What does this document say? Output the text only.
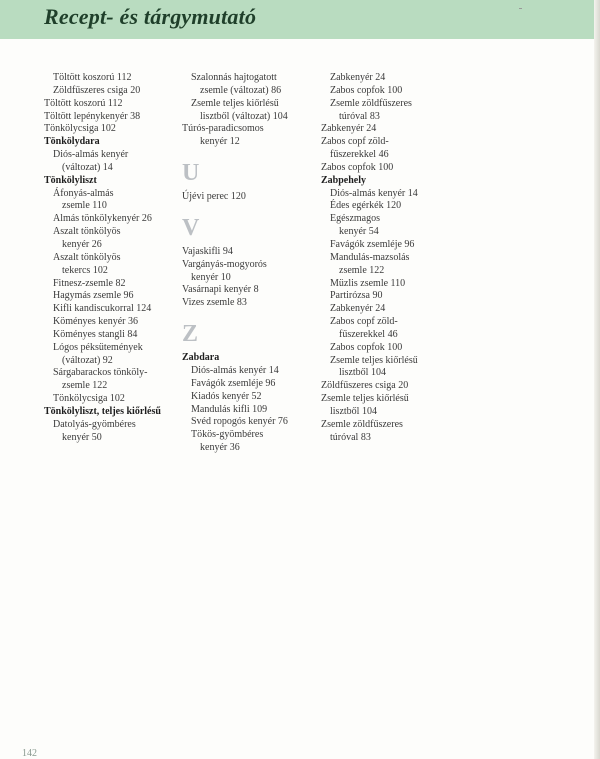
Recept- és tárgymutató
Töltött koszorú 112
Zöldfűszeres csiga 20
Töltött koszorú 112
Töltött lepénykenyér 38
Tönkölycsiga 102
Tönkölydara
Diós-almás kenyér
(változat) 14
Tönkölyliszt
Áfonyás-almás
zsemle 110
Almás tönkölykenyér 26
Aszalt tönkölyös
kenyér 26
Aszalt tönkölyös
tekercs 102
Fitnesz-zsemle 82
Hagymás zsemle 96
Kifli kandiscukorral 124
Köményes kenyér 36
Köményes stangli 84
Lógos péksütemények
(változat) 92
Sárgabarackos tönköly-
zsemle 122
Tönkölycsiga 102
Tönkölyliszt, teljes kiőrlésű
Datolyás-gyömbéres
kenyér 50
Szalonnás hajtogatott
zsemle (változat) 86
Zsemle teljes kiőrlésű
lisztből (változat) 104
Túrós-paradicsomos
kenyér 12
U
Újévi perec 120
V
Vajaskifli 94
Vargányás-mogyorós
kenyér 10
Vasárnapi kenyér 8
Vizes zsemle 83
Z
Zabdara
Diós-almás kenyér 14
Favágók zsemléje 96
Kiadós kenyér 52
Mandulás kifli 109
Svéd ropogós kenyér 76
Tökös-gyömbéres
kenyér 36
Zabkenyér 24
Zabos copfok 100
Zsemle zöldfűszeres
túróval 83
Zabkenyér 24
Zabos copf zöld-
fűszerekkel 46
Zabos copfok 100
Zabpehely
Diós-almás kenyér 14
Édes egérkék 120
Egészmagos
kenyér 54
Favágók zsemléje 96
Mandulás-mazsolás
zsemle 122
Müzlis zsemle 110
Partirózsa 90
Zabkenyér 24
Zabos copf zöld-
fűszerekkel 46
Zabos copfok 100
Zsemle teljes kiőrlésű
lisztből 104
Zöldfűszeres csiga 20
Zsemle teljes kiőrlésű
lisztből 104
Zsemle zöldfűszeres
túróval 83
142
